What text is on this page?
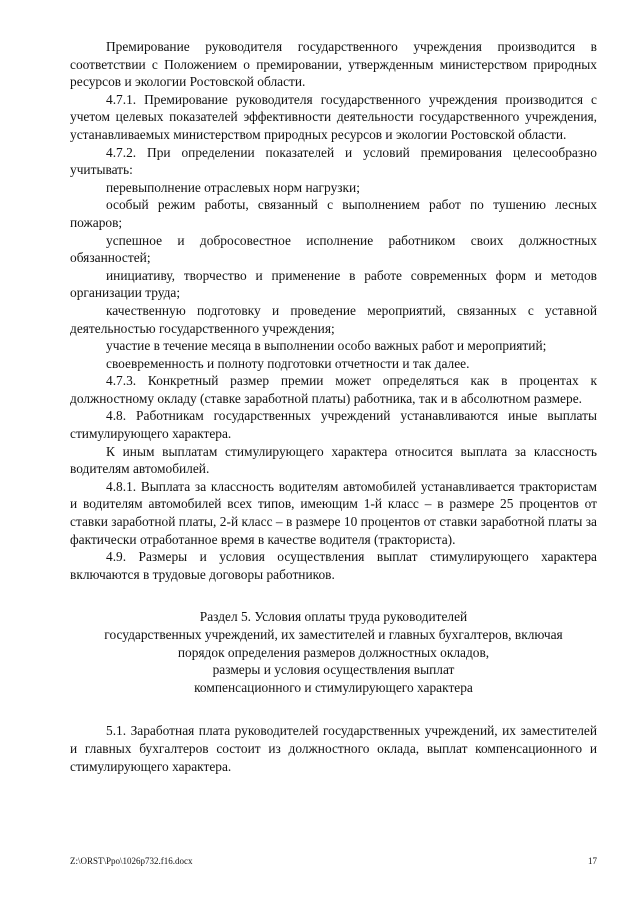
Премирование руководителя государственного учреждения производится в соответствии с Положением о премировании, утвержденным министерством природных ресурсов и экологии Ростовской области.

4.7.1. Премирование руководителя государственного учреждения производится с учетом целевых показателей эффективности деятельности государственного учреждения, устанавливаемых министерством природных ресурсов и экологии Ростовской области.

4.7.2. При определении показателей и условий премирования целесообразно учитывать:

перевыполнение отраслевых норм нагрузки;

особый режим работы, связанный с выполнением работ по тушению лесных пожаров;

успешное и добросовестное исполнение работником своих должностных обязанностей;

инициативу, творчество и применение в работе современных форм и методов организации труда;

качественную подготовку и проведение мероприятий, связанных с уставной деятельностью государственного учреждения;

участие в течение месяца в выполнении особо важных работ и мероприятий;

своевременность и полноту подготовки отчетности и так далее.

4.7.3. Конкретный размер премии может определяться как в процентах к должностному окладу (ставке заработной платы) работника, так и в абсолютном размере.

4.8. Работникам государственных учреждений устанавливаются иные выплаты стимулирующего характера.

К иным выплатам стимулирующего характера относится выплата за классность водителям автомобилей.

4.8.1. Выплата за классность водителям автомобилей устанавливается трактористам и водителям автомобилей всех типов, имеющим 1-й класс – в размере 25 процентов от ставки заработной платы, 2-й класс – в размере 10 процентов от ставки заработной платы за фактически отработанное время в качестве водителя (тракториста).

4.9. Размеры и условия осуществления выплат стимулирующего характера включаются в трудовые договоры работников.

Раздел 5. Условия оплаты труда руководителей
государственных учреждений, их заместителей и главных бухгалтеров, включая
порядок определения размеров должностных окладов,
размеры и условия осуществления выплат
компенсационного и стимулирующего характера

5.1. Заработная плата руководителей государственных учреждений, их заместителей и главных бухгалтеров состоит из должностного оклада, выплат компенсационного и стимулирующего характера.

Z:\ORST\Ppo\1026p732.f16.docx	17
